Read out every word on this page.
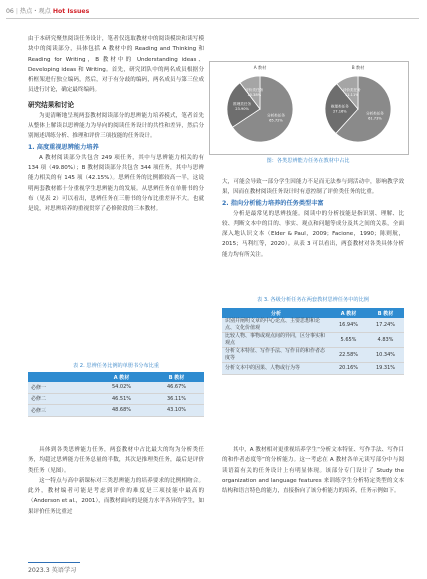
06 | 热点・观点 Hot Issues

由于本研究聚焦阅读任务设计，笔者仅选取教材中的阅读模块和读写模块中的阅读部分，具体包括 A 教材中的 Reading and Thinking 和 Reading for Writing，B 教材中的 Understanding ideas、Developing ideas 和 Writing。首先，研究团队中的两名成员根据分析框架进行独立编码，然后，对于有分歧的编码，两名成员与第三位成员进行讨论，确定最终编码。

研究结果和讨论

为更清晰地呈现两套教材阅读部分的思辨能力培养模式，笔者首先从整体上解读以思辨能力为导向的阅读任务设计的共性和差异，然后分别阐述训练分析、推理和评价三项技能的任务设计。

1. 高度重视思辨能力培养

A 教材阅读部分共包含 249 项任务，其中与思辨能力相关的有 134 项（49.80%）；B 教材阅读部分共包含 344 项任务，其中与思辨能力相关的有 145 项（42.15%）。思辨任务的比例都较高一半，这说明两套教材都十分重视学生思辨能力的发展。从思辨任务在单册书的分布（见表 2）可以看出，思辨任务在三册书的分布比重差异不大。也就是说，对思辨培养的重视贯穿了必修阶段的三本教材。

表 2. 思辨任务比例的单册书分布比重
	A 教材	B 教材
必修一	54.02%	46.67%
必修二	46.51%	36.11%
必修三	48.68%	43.10%

具体到各类思辨能力任务，两套教材中占比最大的均为分析类任务，均超过思辨能力任务总量的半数，其次是推理类任务，最后是评价类任务（见图）。

这一特点与高中新课标对三类思辨能力的培养要求的比例相吻合。此外，教材编者可能是考虑到评价的难度是三项技能中最高的（Anderson et al.，2001），而教材面向的是能力水平各异的学生，如果评价任务比重过

分析类任务
65.72%
推理类任务
23.90%
评价类任务
10.38%
分析类任务
61.73%
推理类任务
27.16%
评价类任务
11.11%
A 教材	B 教材
图：各类思辨能力任务在教材中占比

大，可能会导致一部分学生因能力不足而无法参与到活动中，影响教学效果，因而在教材阅读任务设计时有意控制了评价类任务的比重。

2. 指向分析能力培养的任务类型丰富

分析是最常见的思辨技能。阅读中的分析技能是指识别、理解、比较、判断文本中的目的、事实、观点和问题等成分及其之间的关系，全面深入地认识文本（Elder & Paul，2009；Facione，1990；陈则航，2015；马利红等，2020）。从表 3 可以看出，两套教材对各类具体分析能力均有所关注。

表 3. 各级分析任务在两套教材思辨任务中的比例
分析	A 教材	B 教材
识别并阐明文章的中心论点、主要思想和论点、文化价值观	16.94%	17.24%
比较人物、事物或观点间的异同，区分事实和观点	5.65%	4.83%
分析文本特征、写作手法、写作目的和作者态度等	22.58%	10.34%
分析文本中的因果、人物或行为等	20.16%	19.31%

其中，A 教材相对更重视培养学生“分析文本特征、写作手法、写作目的和作者态度等”的分析能力。这一考虑在 A 教材各单元读写部分中与阅读语篇有关的任务设计上有明显体现。该部分专门设计了 Study the organization and language features 来训练学生分析特定类型的文本结构和语言特色的能力，直接指向了该分析能力的培养，任务示例如下。

2023.3 英语学习
